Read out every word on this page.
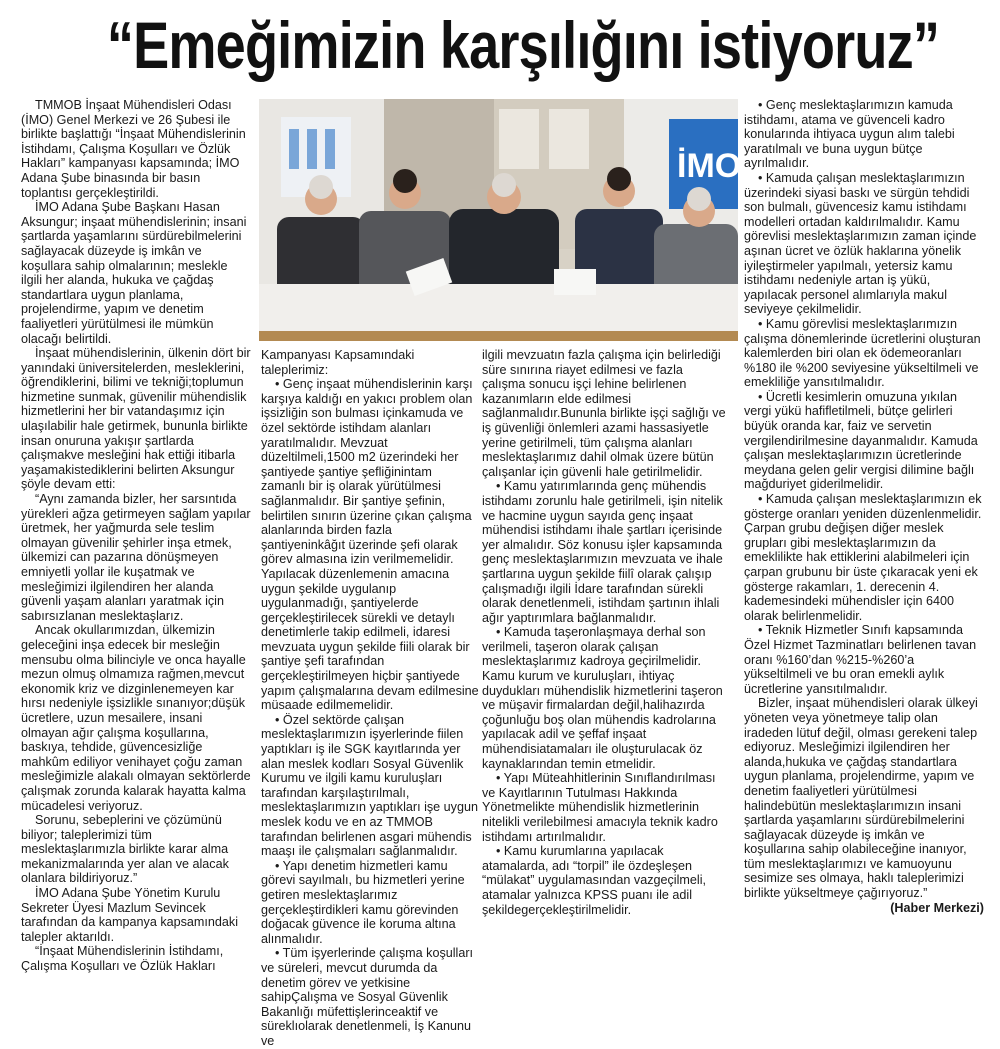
“Emeğimizin karşılığını istiyoruz”

TMMOB İnşaat Mühendisleri Odası (İMO) Genel Merkezi ve 26 Şubesi ile birlikte başlattığı “İnşaat Mühendislerinin İstihdamı, Çalışma Koşulları ve Özlük Hakları” kampanyası kapsamında; İMO Adana Şube binasında bir basın toplantısı gerçekleştirildi.

İMO Adana Şube Başkanı Hasan Aksungur; inşaat mühendislerinin; insani şartlarda yaşamlarını sürdürebilmelerini sağlayacak düzeyde iş imkân ve koşullara sahip olmalarının; meslekle ilgili her alanda, hukuka ve çağdaş standartlara uygun planlama, projelendirme, yapım ve denetim faaliyetleri yürütülmesi ile mümkün olacağı belirtildi.

İnşaat mühendislerinin, ülkenin dört bir yanındaki üniversitelerden, mesleklerini, öğrendiklerini, bilimi ve tekniği;toplumun hizmetine sunmak, güvenilir mühendislik hizmetlerini her bir vatandaşımız için ulaşılabilir hale getirmek, bununla birlikte insan onuruna yakışır şartlarda çalışmakve mesleğini hak ettiği itibarla yaşamakistediklerini belirten Aksungur şöyle devam etti:

“Aynı zamanda bizler, her sarsıntıda yürekleri ağza getirmeyen sağlam yapılar üretmek, her yağmurda sele teslim olmayan güvenilir şehirler inşa etmek, ülkemizi can pazarına dönüşmeyen emniyetli yollar ile kuşatmak ve mesleğimizi ilgilendiren her alanda güvenli yaşam alanları yaratmak için sabırsızlanan meslektaşlarız.

Ancak okullarımızdan, ülkemizin geleceğini inşa edecek bir mesleğin mensubu olma bilinciyle ve onca hayalle mezun olmuş olmamıza rağmen,mevcut ekonomik kriz ve dizginlenemeyen kar hırsı nedeniyle işsizlikle sınanıyor;düşük ücretlere, uzun mesailere, insani olmayan ağır çalışma koşullarına, baskıya, tehdide, güvencesizliğe mahkûm ediliyor venihayet çoğu zaman mesleğimizle alakalı olmayan sektörlerde çalışmak zorunda kalarak hayatta kalma mücadelesi veriyoruz.

Sorunu, sebeplerini ve çözümünü biliyor; taleplerimizi tüm meslektaşlarımızla birlikte karar alma mekanizmalarında yer alan ve alacak olanlara bildiriyoruz.”

İMO Adana Şube Yönetim Kurulu Sekreter Üyesi Mazlum Sevincek tarafından da kampanya kapsamındaki talepler aktarıldı.

“İnşaat Mühendislerinin İstihdamı, Çalışma Koşulları ve Özlük Hakları

İMO

Kampanyası Kapsamındaki taleplerimiz:

• Genç inşaat mühendislerinin karşı karşıya kaldığı en yakıcı problem olan işsizliğin son bulması içinkamuda ve özel sektörde istihdam alanları yaratılmalıdır. Mevzuat düzeltilmeli,1500 m2 üzerindeki her şantiyede şantiye şefliğinintam zamanlı bir iş olarak yürütülmesi sağlanmalıdır. Bir şantiye şefinin, belirtilen sınırın üzerine çıkan çalışma alanlarında birden fazla şantiyeninkâğıt üzerinde şefi olarak görev almasına izin verilmemelidir. Yapılacak düzenlemenin amacına uygun şekilde uygulanıp uygulanmadığı, şantiyelerde gerçekleştirilecek sürekli ve detaylı denetimlerle takip edilmeli, idaresi mevzuata uygun şekilde fiili olarak bir şantiye şefi tarafından gerçekleştirilmeyen hiçbir şantiyede yapım çalışmalarına devam edilmesine müsaade edilmemelidir.

• Özel sektörde çalışan meslektaşlarımızın işyerlerinde fiilen yaptıkları iş ile SGK kayıtlarında yer alan meslek kodları Sosyal Güvenlik Kurumu ve ilgili kamu kuruluşları tarafından karşılaştırılmalı, meslektaşlarımızın yaptıkları işe uygun meslek kodu ve en az TMMOB tarafından belirlenen asgari mühendis maaşı ile çalışmaları sağlanmalıdır.

• Yapı denetim hizmetleri kamu görevi sayılmalı, bu hizmetleri yerine getiren meslektaşlarımız gerçekleştirdikleri kamu görevinden doğacak güvence ile koruma altına alınmalıdır.

• Tüm işyerlerinde çalışma koşulları ve süreleri, mevcut durumda da denetim görev ve yetkisine sahipÇalışma ve Sosyal Güvenlik Bakanlığı müfettişlerinceaktif ve süreklıolarak denetlenmeli, İş Kanunu ve

ilgili mevzuatın fazla çalışma için belirlediği süre sınırına riayet edilmesi ve fazla çalışma sonucu işçi lehine belirlenen kazanımların elde edilmesi sağlanmalıdır.Bununla birlikte işçi sağlığı ve iş güvenliği önlemleri azami hassasiyetle yerine getirilmeli, tüm çalışma alanları meslektaşlarımız dahil olmak üzere bütün çalışanlar için güvenli hale getirilmelidir.

• Kamu yatırımlarında genç mühendis istihdamı zorunlu hale getirilmeli, işin nitelik ve hacmine uygun sayıda genç inşaat mühendisi istihdamı ihale şartları içerisinde yer almalıdır. Söz konusu işler kapsamında genç meslektaşlarımızın mevzuata ve ihale şartlarına uygun şekilde fiilî olarak çalışıp çalışmadığı ilgili İdare tarafından sürekli olarak denetlenmeli, istihdam şartının ihlali ağır yaptırımlara bağlanmalıdır.

• Kamuda taşeronlaşmaya derhal son verilmeli, taşeron olarak çalışan meslektaşlarımız kadroya geçirilmelidir. Kamu kurum ve kuruluşları, ihtiyaç duydukları mühendislik hizmetlerini taşeron ve müşavir firmalardan değil,halihazırda çoğunluğu boş olan mühendis kadrolarına yapılacak adil ve şeffaf inşaat mühendisiatamaları ile oluşturulacak öz kaynaklarından temin etmelidir.

• Yapı Müteahhitlerinin Sınıflandırılması ve Kayıtlarının Tutulması Hakkında Yönetmelikte mühendislik hizmetlerinin nitelikli verilebilmesi amacıyla teknik kadro istihdamı artırılmalıdır.

• Kamu kurumlarına yapılacak atamalarda, adı “torpil” ile özdeşleşen “mülakat” uygulamasından vazgeçilmeli, atamalar yalnızca KPSS puanı ile adil şekildegerçekleştirilmelidir.

• Genç meslektaşlarımızın kamuda istihdamı, atama ve güvenceli kadro konularında ihtiyaca uygun alım talebi yaratılmalı ve buna uygun bütçe ayrılmalıdır.

• Kamuda çalışan meslektaşlarımızın üzerindeki siyasi baskı ve sürgün tehdidi son bulmalı, güvencesiz kamu istihdamı modelleri ortadan kaldırılmalıdır. Kamu görevlisi meslektaşlarımızın zaman içinde aşınan ücret ve özlük haklarına yönelik iyileştirmeler yapılmalı, yetersiz kamu istihdamı nedeniyle artan iş yükü, yapılacak personel alımlarıyla makul seviyeye çekilmelidir.

• Kamu görevlisi meslektaşlarımızın çalışma dönemlerinde ücretlerini oluşturan kalemlerden biri olan ek ödemeoranları %180 ile %200 seviyesine yükseltilmeli ve emekliliğe yansıtılmalıdır.

• Ücretli kesimlerin omuzuna yıkılan vergi yükü hafifletilmeli, bütçe gelirleri büyük oranda kar, faiz ve servetin vergilendirilmesine dayanmalıdır. Kamuda çalışan meslektaşlarımızın ücretlerinde meydana gelen gelir vergisi dilimine bağlı mağduriyet giderilmelidir.

• Kamuda çalışan meslektaşlarımızın ek gösterge oranları yeniden düzenlenmelidir. Çarpan grubu değişen diğer meslek grupları gibi meslektaşlarımızın da emeklilikte hak ettiklerini alabilmeleri için çarpan grubunu bir üste çıkaracak yeni ek gösterge rakamları, 1. derecenin 4. kademesindeki mühendisler için 6400 olarak belirlenmelidir.

• Teknik Hizmetler Sınıfı kapsamında Özel Hizmet Tazminatları belirlenen tavan oranı %160’dan %215-%260’a yükseltilmeli ve bu oran emekli aylık ücretlerine yansıtılmalıdır.

Bizler, inşaat mühendisleri olarak ülkeyi yöneten veya yönetmeye talip olan iradeden lütuf değil, olması gerekeni talep ediyoruz. Mesleğimizi ilgilendiren her alanda,hukuka ve çağdaş standartlara uygun planlama, projelendirme, yapım ve denetim faaliyetleri yürütülmesi halindebütün meslektaşlarımızın insani şartlarda yaşamlarını sürdürebilmelerini sağlayacak düzeyde iş imkân ve koşullarına sahip olabileceğine inanıyor, tüm meslektaşlarımızı ve kamuoyunu sesimize ses olmaya, haklı taleplerimizi birlikte yükseltmeye çağırıyoruz.”

(Haber Merkezi)
